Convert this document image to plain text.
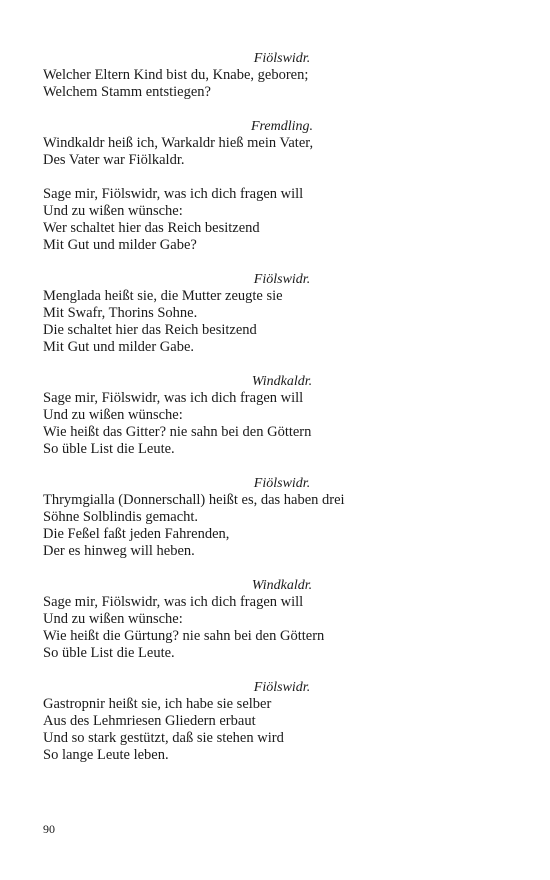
Fiölswidr.
Welcher Eltern Kind bist du, Knabe, geboren;
Welchem Stamm entstiegen?
Fremdling.
Windkaldr heiß ich, Warkaldr hieß mein Vater,
Des Vater war Fiölkaldr.
Sage mir, Fiölswidr, was ich dich fragen will
Und zu wißen wünsche:
Wer schaltet hier das Reich besitzend
Mit Gut und milder Gabe?
Fiölswidr.
Menglada heißt sie, die Mutter zeugte sie
Mit Swafr, Thorins Sohne.
Die schaltet hier das Reich besitzend
Mit Gut und milder Gabe.
Windkaldr.
Sage mir, Fiölswidr, was ich dich fragen will
Und zu wißen wünsche:
Wie heißt das Gitter? nie sahn bei den Göttern
So üble List die Leute.
Fiölswidr.
Thrymgialla (Donnerschall) heißt es, das haben drei
Söhne Solblindis gemacht.
Die Feßel faßt jeden Fahrenden,
Der es hinweg will heben.
Windkaldr.
Sage mir, Fiölswidr, was ich dich fragen will
Und zu wißen wünsche:
Wie heißt die Gürtung? nie sahn bei den Göttern
So üble List die Leute.
Fiölswidr.
Gastropnir heißt sie, ich habe sie selber
Aus des Lehmriesen Gliedern erbaut
Und so stark gestützt, daß sie stehen wird
So lange Leute leben.
90
